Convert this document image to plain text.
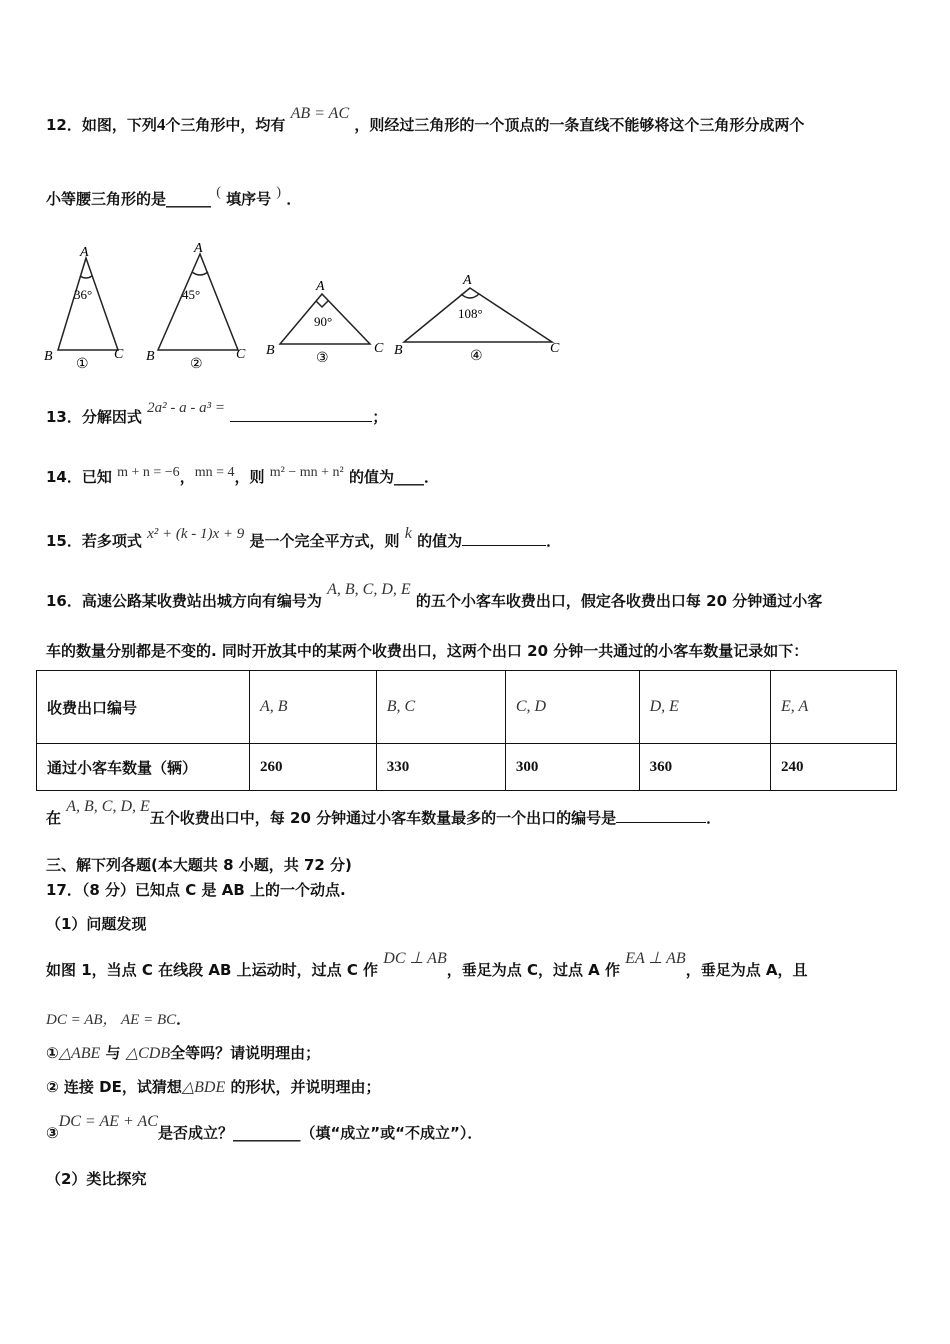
12．如图，下列4个三角形中，均有 AB = AC ，则经过三角形的一个顶点的一条直线不能够将这个三角形分成两个
小等腰三角形的是______ ( 填序号 ) ．
A
36°
B	C
①
A
45°
B	C
②
A
90°
B	C
③
A
108°
B	C
④
13．分解因式 2a² - a - a³ =	；
14．已知 m + n = −6，mn = 4，则 m² − mn + n² 的值为____．
15．若多项式 x² + (k - 1)x + 9 是一个完全平方式，则 k 的值为	．
16．高速公路某收费站出城方向有编号为 A, B, C, D, E 的五个小客车收费出口，假定各收费出口每 20 分钟通过小客
车的数量分别都是不变的. 同时开放其中的某两个收费出口，这两个出口 20 分钟一共通过的小客车数量记录如下：
收费出口编号	A, B	B, C	C, D	D, E	E, A
通过小客车数量（辆）	260	330	300	360	240
在 A, B, C, D, E五个收费出口中，每 20 分钟通过小客车数量最多的一个出口的编号是	．
三、解下列各题(本大题共 8 小题，共 72 分)
17．（8 分）已知点 C 是 AB 上的一个动点.
（1）问题发现
如图 1，当点 C 在线段 AB 上运动时，过点 C 作 DC ⊥ AB，垂足为点 C，过点 A 作 EA ⊥ AB，垂足为点 A，且
DC = AB， AE = BC．
①△ABE 与 △CDB全等吗？请说明理由；
② 连接 DE，试猜想△BDE 的形状，并说明理由；
③DC = AE + AC是否成立？_________（填“成立”或“不成立”）．
（2）类比探究
